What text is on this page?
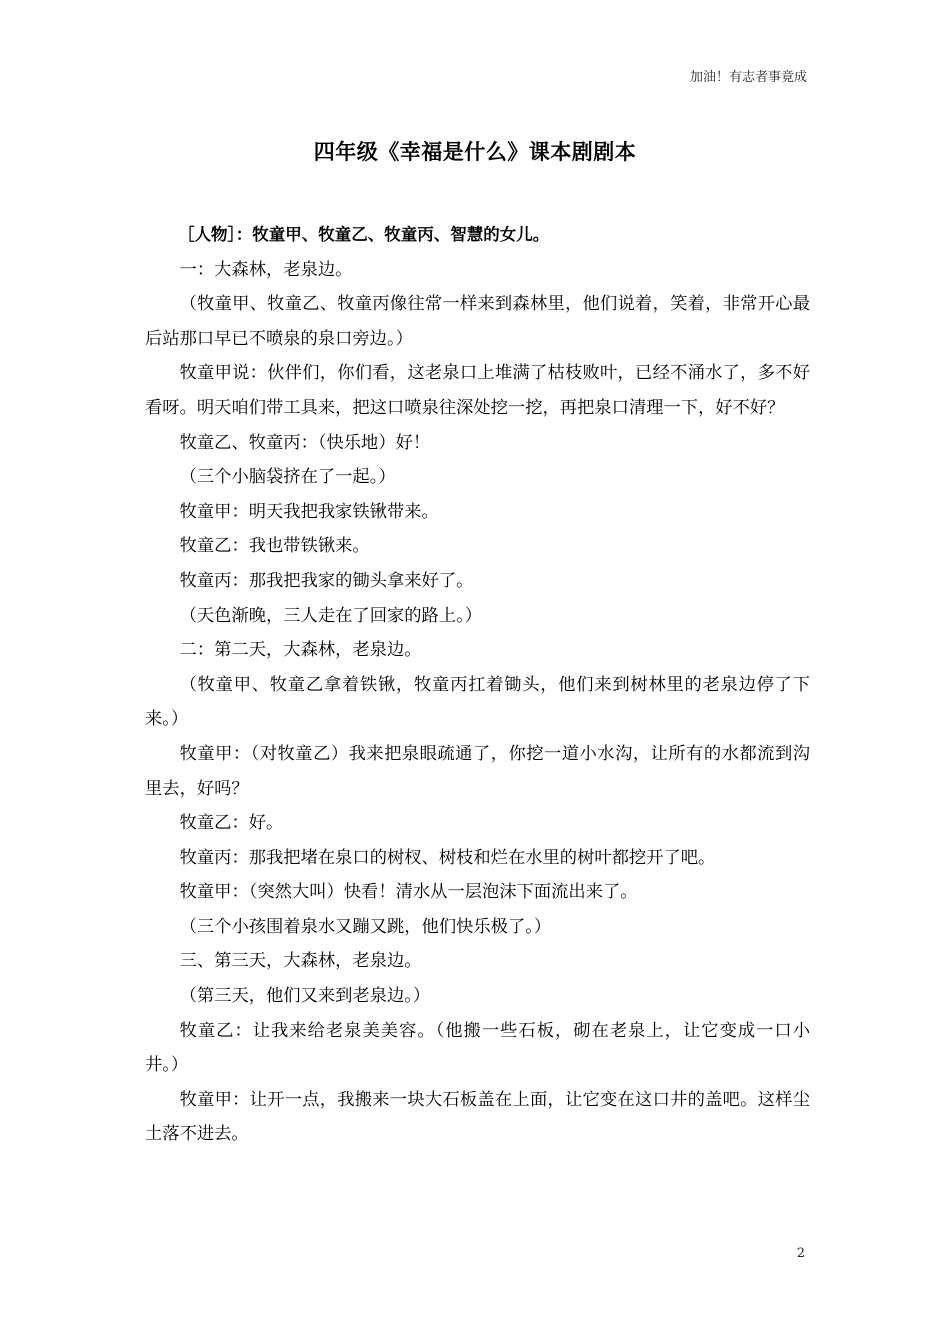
加油！有志者事竟成
四年级《幸福是什么》课本剧剧本

［人物］：牧童甲、牧童乙、牧童丙、智慧的女儿。

一：大森林，老泉边。

（牧童甲、牧童乙、牧童丙像往常一样来到森林里，他们说着，笑着，非常开心最后站那口早已不喷泉的泉口旁边。）

牧童甲说：伙伴们，你们看，这老泉口上堆满了枯枝败叶，已经不涌水了，多不好看呀。明天咱们带工具来，把这口喷泉往深处挖一挖，再把泉口清理一下，好不好？

牧童乙、牧童丙：（快乐地）好！

（三个小脑袋挤在了一起。）

牧童甲：明天我把我家铁锹带来。

牧童乙：我也带铁锹来。

牧童丙：那我把我家的锄头拿来好了。

（天色渐晚，三人走在了回家的路上。）

二：第二天，大森林，老泉边。

（牧童甲、牧童乙拿着铁锹，牧童丙扛着锄头，他们来到树林里的老泉边停了下来。）

牧童甲：（对牧童乙）我来把泉眼疏通了，你挖一道小水沟，让所有的水都流到沟里去，好吗？

牧童乙：好。

牧童丙：那我把堵在泉口的树杈、树枝和烂在水里的树叶都挖开了吧。

牧童甲：（突然大叫）快看！清水从一层泡沫下面流出来了。

（三个小孩围着泉水又蹦又跳，他们快乐极了。）

三、第三天，大森林，老泉边。

（第三天，他们又来到老泉边。）

牧童乙：让我来给老泉美美容。（他搬一些石板，砌在老泉上，让它变成一口小井。）

牧童甲：让开一点，我搬来一块大石板盖在上面，让它变在这口井的盖吧。这样尘土落不进去。

2
